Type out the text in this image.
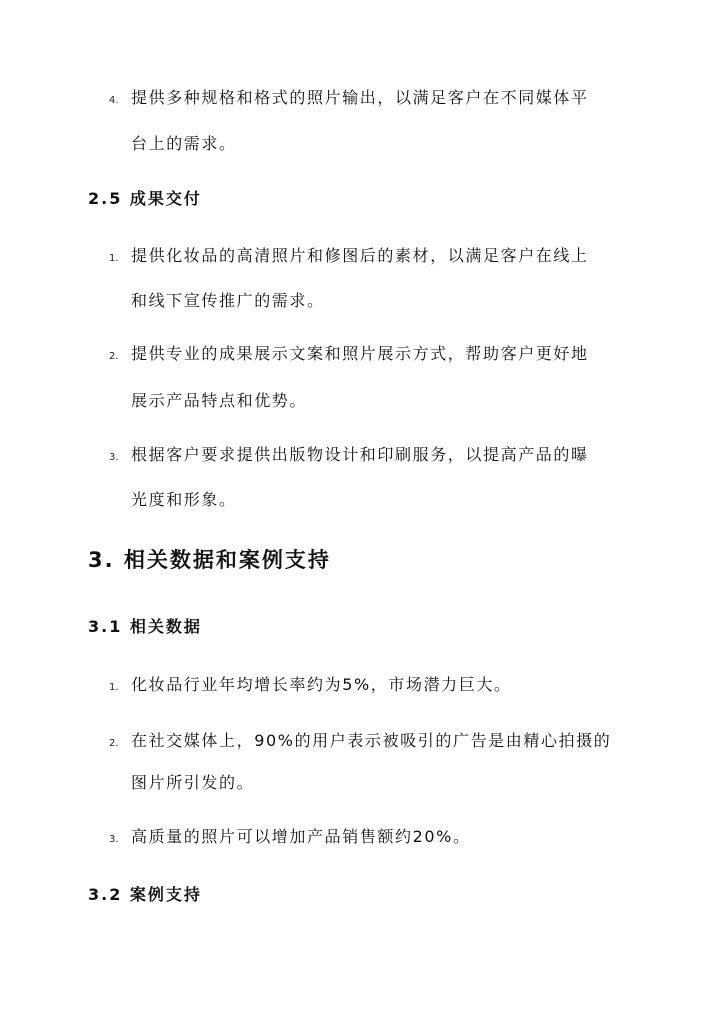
4. 提供多种规格和格式的照片输出，以满足客户在不同媒体平
台上的需求。
2.5 成果交付
1. 提供化妆品的高清照片和修图后的素材，以满足客户在线上
和线下宣传推广的需求。
2. 提供专业的成果展示文案和照片展示方式，帮助客户更好地
展示产品特点和优势。
3. 根据客户要求提供出版物设计和印刷服务，以提高产品的曝
光度和形象。
3. 相关数据和案例支持
3.1 相关数据
1. 化妆品行业年均增长率约为5%，市场潜力巨大。
2. 在社交媒体上，90%的用户表示被吸引的广告是由精心拍摄的
图片所引发的。
3. 高质量的照片可以增加产品销售额约20%。
3.2 案例支持
